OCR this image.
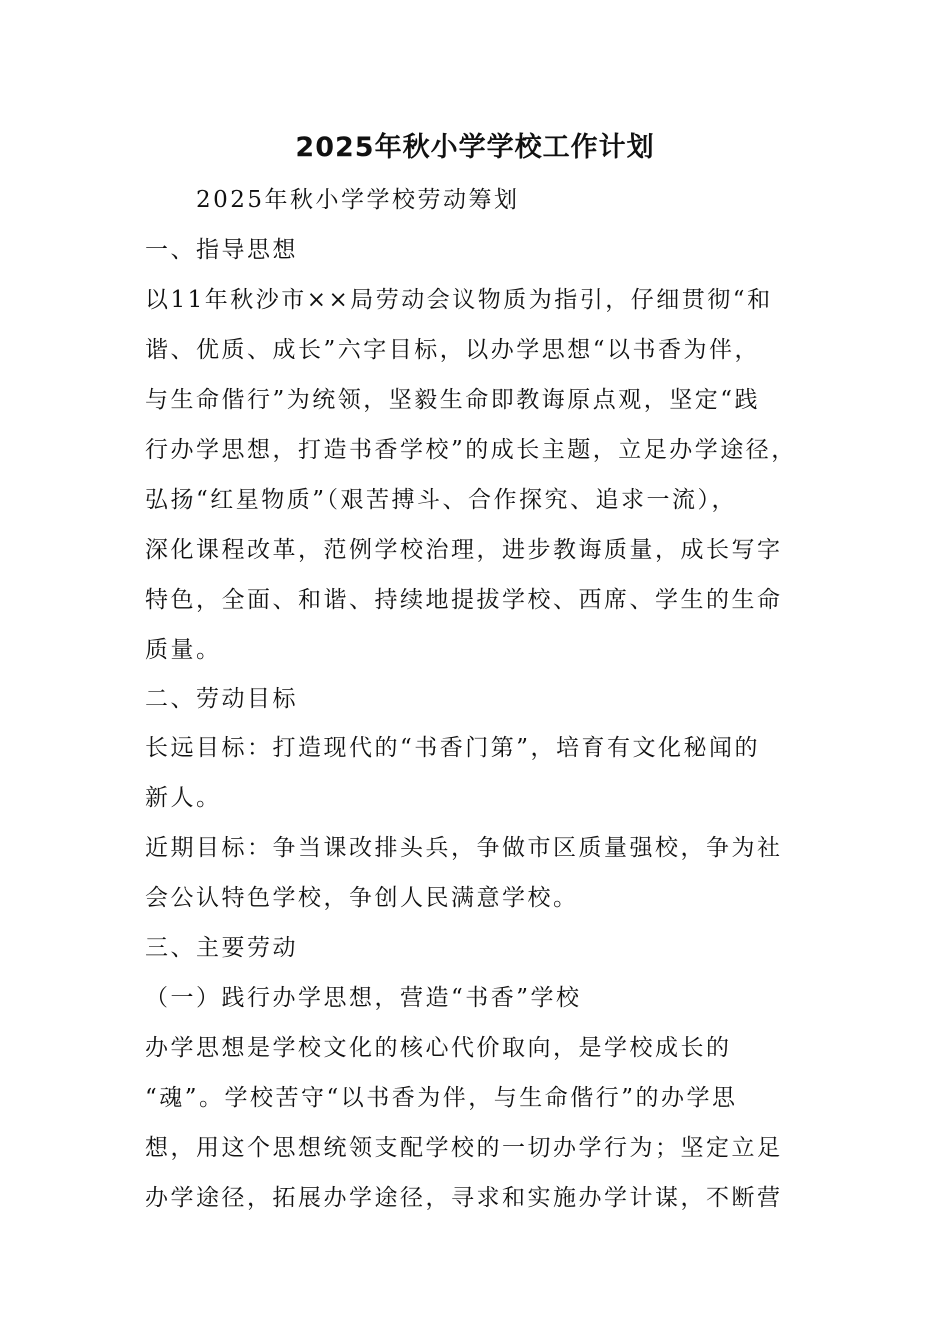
2025年秋小学学校工作计划

2025年秋小学学校劳动筹划

一、指导思想

以11年秋沙市××局劳动会议物质为指引，仔细贯彻“和

谐、优质、成长”六字目标，以办学思想“以书香为伴，

与生命偕行”为统领，坚毅生命即教诲原点观，坚定“践

行办学思想，打造书香学校”的成长主题，立足办学途径，

弘扬“红星物质”（艰苦搏斗、合作探究、追求一流），

深化课程改革，范例学校治理，进步教诲质量，成长写字

特色，全面、和谐、持续地提拔学校、西席、学生的生命

质量。

二、劳动目标

长远目标：打造现代的“书香门第”，培育有文化秘闻的

新人。

近期目标：争当课改排头兵，争做市区质量强校，争为社

会公认特色学校，争创人民满意学校。

三、主要劳动

（一）践行办学思想，营造“书香”学校

办学思想是学校文化的核心代价取向，是学校成长的

“魂”。学校苦守“以书香为伴，与生命偕行”的办学思

想，用这个思想统领支配学校的一切办学行为；坚定立足

办学途径，拓展办学途径，寻求和实施办学计谋，不断营
